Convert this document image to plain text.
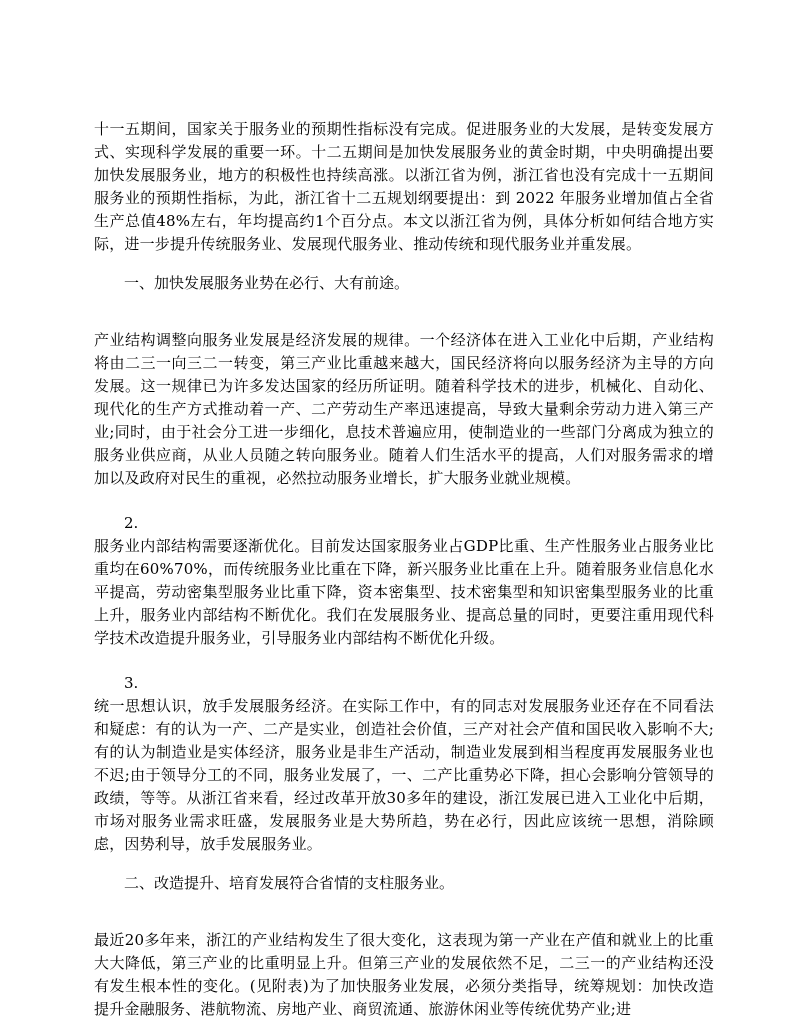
十一五期间，国家关于服务业的预期性指标没有完成。促进服务业的大发展，是转变发展方式、实现科学发展的重要一环。十二五期间是加快发展服务业的黄金时期，中央明确提出要加快发展服务业，地方的积极性也持续高涨。以浙江省为例，浙江省也没有完成十一五期间服务业的预期性指标，为此，浙江省十二五规划纲要提出：到 2022 年服务业增加值占全省生产总值48%左右，年均提高约1个百分点。本文以浙江省为例，具体分析如何结合地方实际，进一步提升传统服务业、发展现代服务业、推动传统和现代服务业并重发展。

一、加快发展服务业势在必行、大有前途。

产业结构调整向服务业发展是经济发展的规律。一个经济体在进入工业化中后期，产业结构将由二三一向三二一转变，第三产业比重越来越大，国民经济将向以服务经济为主导的方向发展。这一规律已为许多发达国家的经历所证明。随着科学技术的进步，机械化、自动化、现代化的生产方式推动着一产、二产劳动生产率迅速提高，导致大量剩余劳动力进入第三产业;同时，由于社会分工进一步细化，息技术普遍应用，使制造业的一些部门分离成为独立的服务业供应商，从业人员随之转向服务业。随着人们生活水平的提高，人们对服务需求的增加以及政府对民生的重视，必然拉动服务业增长，扩大服务业就业规模。

2.

服务业内部结构需要逐渐优化。目前发达国家服务业占GDP比重、生产性服务业占服务业比重均在60%70%，而传统服务业比重在下降，新兴服务业比重在上升。随着服务业信息化水平提高，劳动密集型服务业比重下降，资本密集型、技术密集型和知识密集型服务业的比重上升，服务业内部结构不断优化。我们在发展服务业、提高总量的同时，更要注重用现代科学技术改造提升服务业，引导服务业内部结构不断优化升级。

3.

统一思想认识，放手发展服务经济。在实际工作中，有的同志对发展服务业还存在不同看法和疑虑：有的认为一产、二产是实业，创造社会价值，三产对社会产值和国民收入影响不大;有的认为制造业是实体经济，服务业是非生产活动，制造业发展到相当程度再发展服务业也不迟;由于领导分工的不同，服务业发展了，一、二产比重势必下降，担心会影响分管领导的政绩，等等。从浙江省来看，经过改革开放30多年的建设，浙江发展已进入工业化中后期，市场对服务业需求旺盛，发展服务业是大势所趋，势在必行，因此应该统一思想，消除顾虑，因势利导，放手发展服务业。

二、改造提升、培育发展符合省情的支柱服务业。

最近20多年来，浙江的产业结构发生了很大变化，这表现为第一产业在产值和就业上的比重大大降低，第三产业的比重明显上升。但第三产业的发展依然不足，二三一的产业结构还没有发生根本性的变化。(见附表)为了加快服务业发展，必须分类指导，统筹规划：加快改造提升金融服务、港航物流、房地产业、商贸流通、旅游休闲业等传统优势产业;进
